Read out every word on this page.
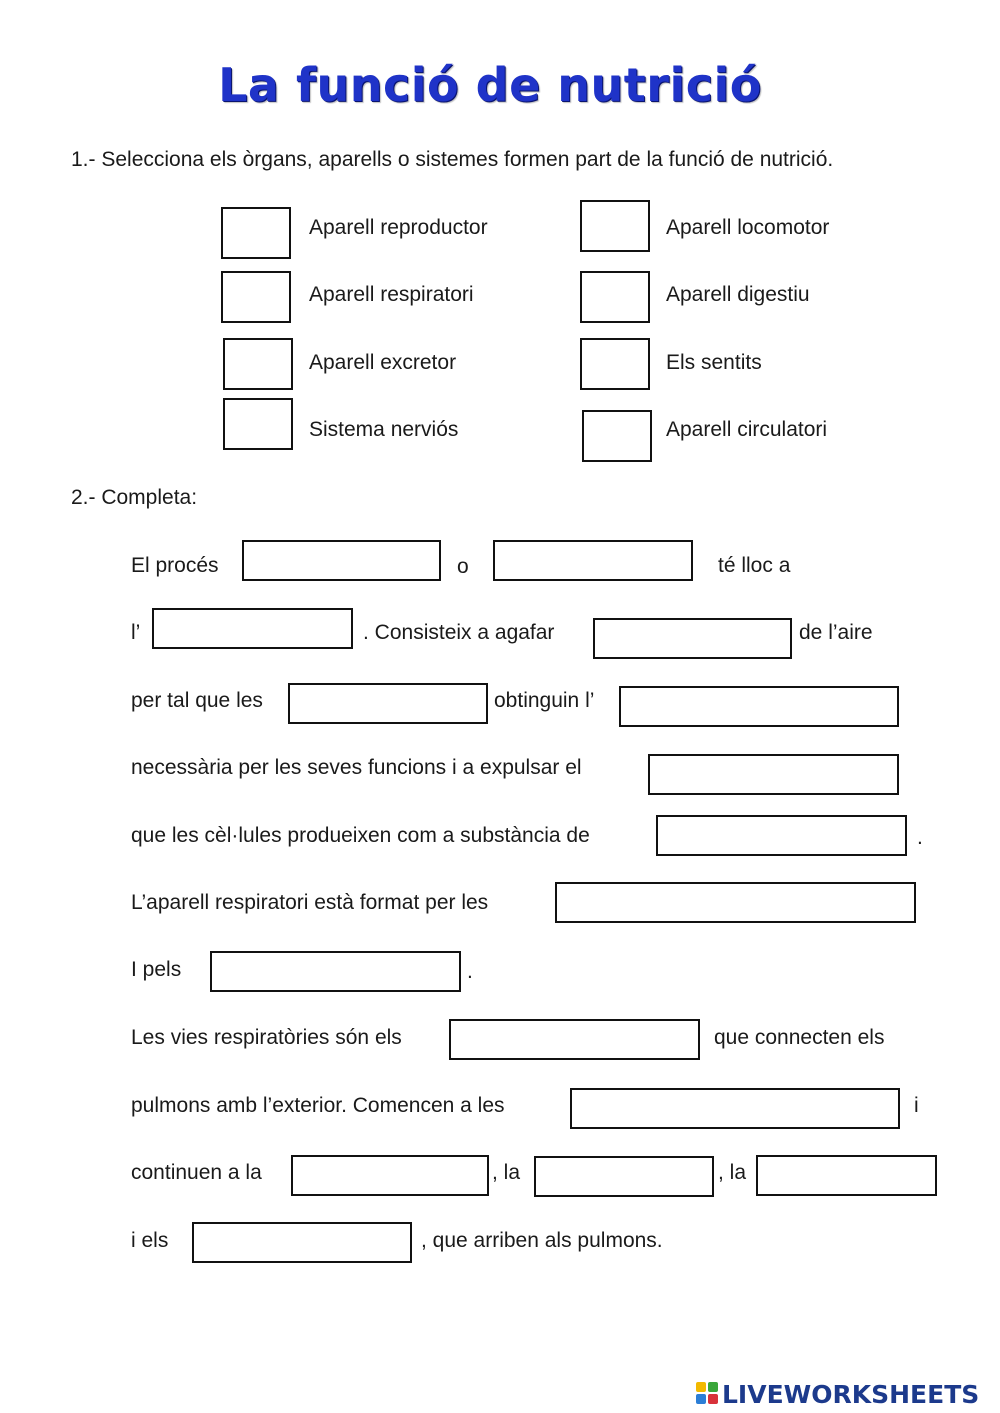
La funció de nutrició
1.- Selecciona els òrgans, aparells o sistemes formen part de la funció de nutrició.
Aparell reproductor	Aparell locomotor
Aparell respiratori	Aparell digestiu
Aparell excretor	Els sentits
Sistema nerviós	Aparell circulatori
2.- Completa:
El procés	o	té lloc a
l’	. Consisteix a agafar	de l’aire
per tal que les	obtinguin l’
necessària per les seves funcions i a expulsar el
que les cèl·lules produeixen com a substància de	.
L’aparell respiratori està format per les
I pels	.
Les vies respiratòries són els	que connecten els
pulmons amb l’exterior. Comencen a les	i
continuen a la	, la	, la
i els	, que arriben als pulmons.
LIVEWORKSHEETS
